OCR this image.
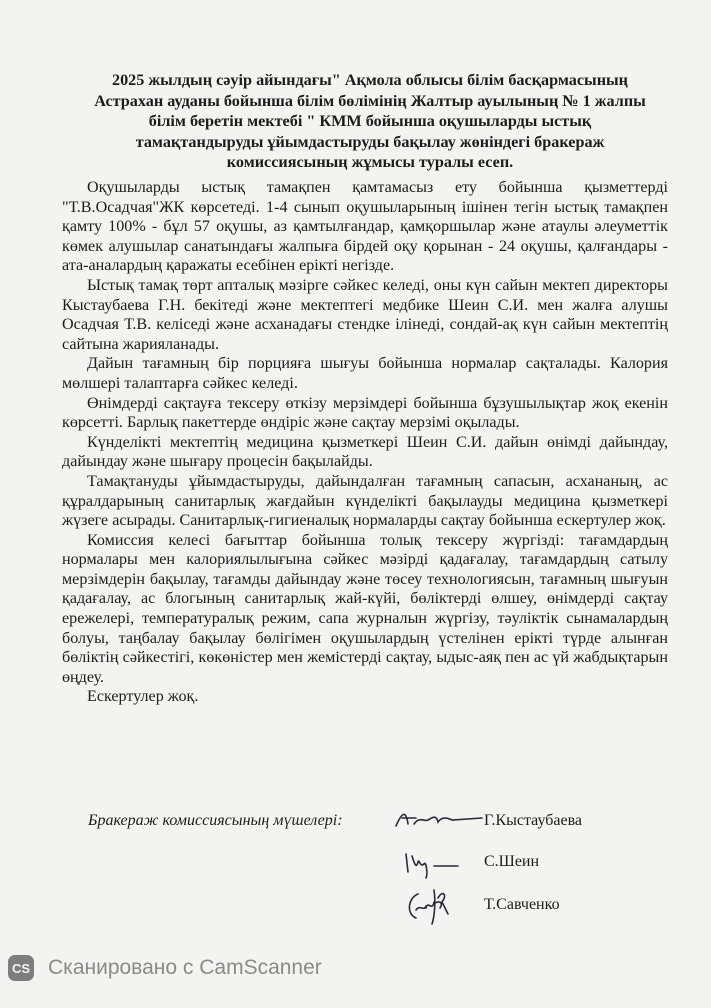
2025 жылдың сәуір айындағы" Ақмола облысы білім басқармасының
Астрахан ауданы бойынша білім бөлімінің Жалтыр ауылының № 1 жалпы
білім беретін мектебі " КММ бойынша оқушыларды ыстық
тамақтандыруды ұйымдастыруды бақылау жөніндегі бракераж
комиссиясының жұмысы туралы есеп.

Оқушыларды ыстық тамақпен қамтамасыз ету бойынша қызметтерді "Т.В.Осадчая"ЖК көрсетеді. 1-4 сынып оқушыларының ішінен тегін ыстық тамақпен қамту 100% - бұл 57 оқушы, аз қамтылғандар, қамқоршылар және атаулы әлеуметтік көмек алушылар санатындағы жалпыға бірдей оқу қорынан - 24 оқушы, қалғандары - ата-аналардың қаражаты есебінен ерікті негізде.

Ыстық тамақ төрт апталық мәзірге сәйкес келеді, оны күн сайын мектеп директоры Кыстаубаева Г.Н. бекітеді және мектептегі медбике Шеин С.И. мен жалға алушы Осадчая Т.В. келіседі және асханадағы стендке ілінеді, сондай-ақ күн сайын мектептің сайтына жарияланады.

Дайын тағамның бір порцияға шығуы бойынша нормалар сақталады. Калория мөлшері талаптарға сәйкес келеді.

Өнімдерді сақтауға тексеру өткізу мерзімдері бойынша бұзушылықтар жоқ екенін көрсетті. Барлық пакеттерде өндіріс және сақтау мерзімі оқылады.

Күнделікті мектептің медицина қызметкері Шеин С.И. дайын өнімді дайындау, дайындау және шығару процесін бақылайды.

Тамақтануды ұйымдастыруды, дайындалған тағамның сапасын, асхананың, ас құралдарының санитарлық жағдайын күнделікті бақылауды медицина қызметкері жүзеге асырады. Санитарлық-гигиеналық нормаларды сақтау бойынша ескертулер жоқ.

Комиссия келесі бағыттар бойынша толық тексеру жүргізді: тағамдардың нормалары мен калориялылығына сәйкес мәзірді қадағалау, тағамдардың сатылу мерзімдерін бақылау, тағамды дайындау және төсеу технологиясын, тағамның шығуын қадағалау, ас блогының санитарлық жай-күйі, бөліктерді өлшеу, өнімдерді сақтау ережелері, температуралық режим, сапа журналын жүргізу, тәуліктік сынамалардың болуы, таңбалау бақылау бөлігімен оқушылардың үстелінен ерікті түрде алынған бөліктің сәйкестігі, көкөністер мен жемістерді сақтау, ыдыс-аяқ пен ас үй жабдықтарын өңдеу.

Ескертулер жоқ.

Бракераж комиссиясының мүшелері:	Г.Кыстаубаева
С.Шеин
Т.Савченко
CS Сканировано с CamScanner
